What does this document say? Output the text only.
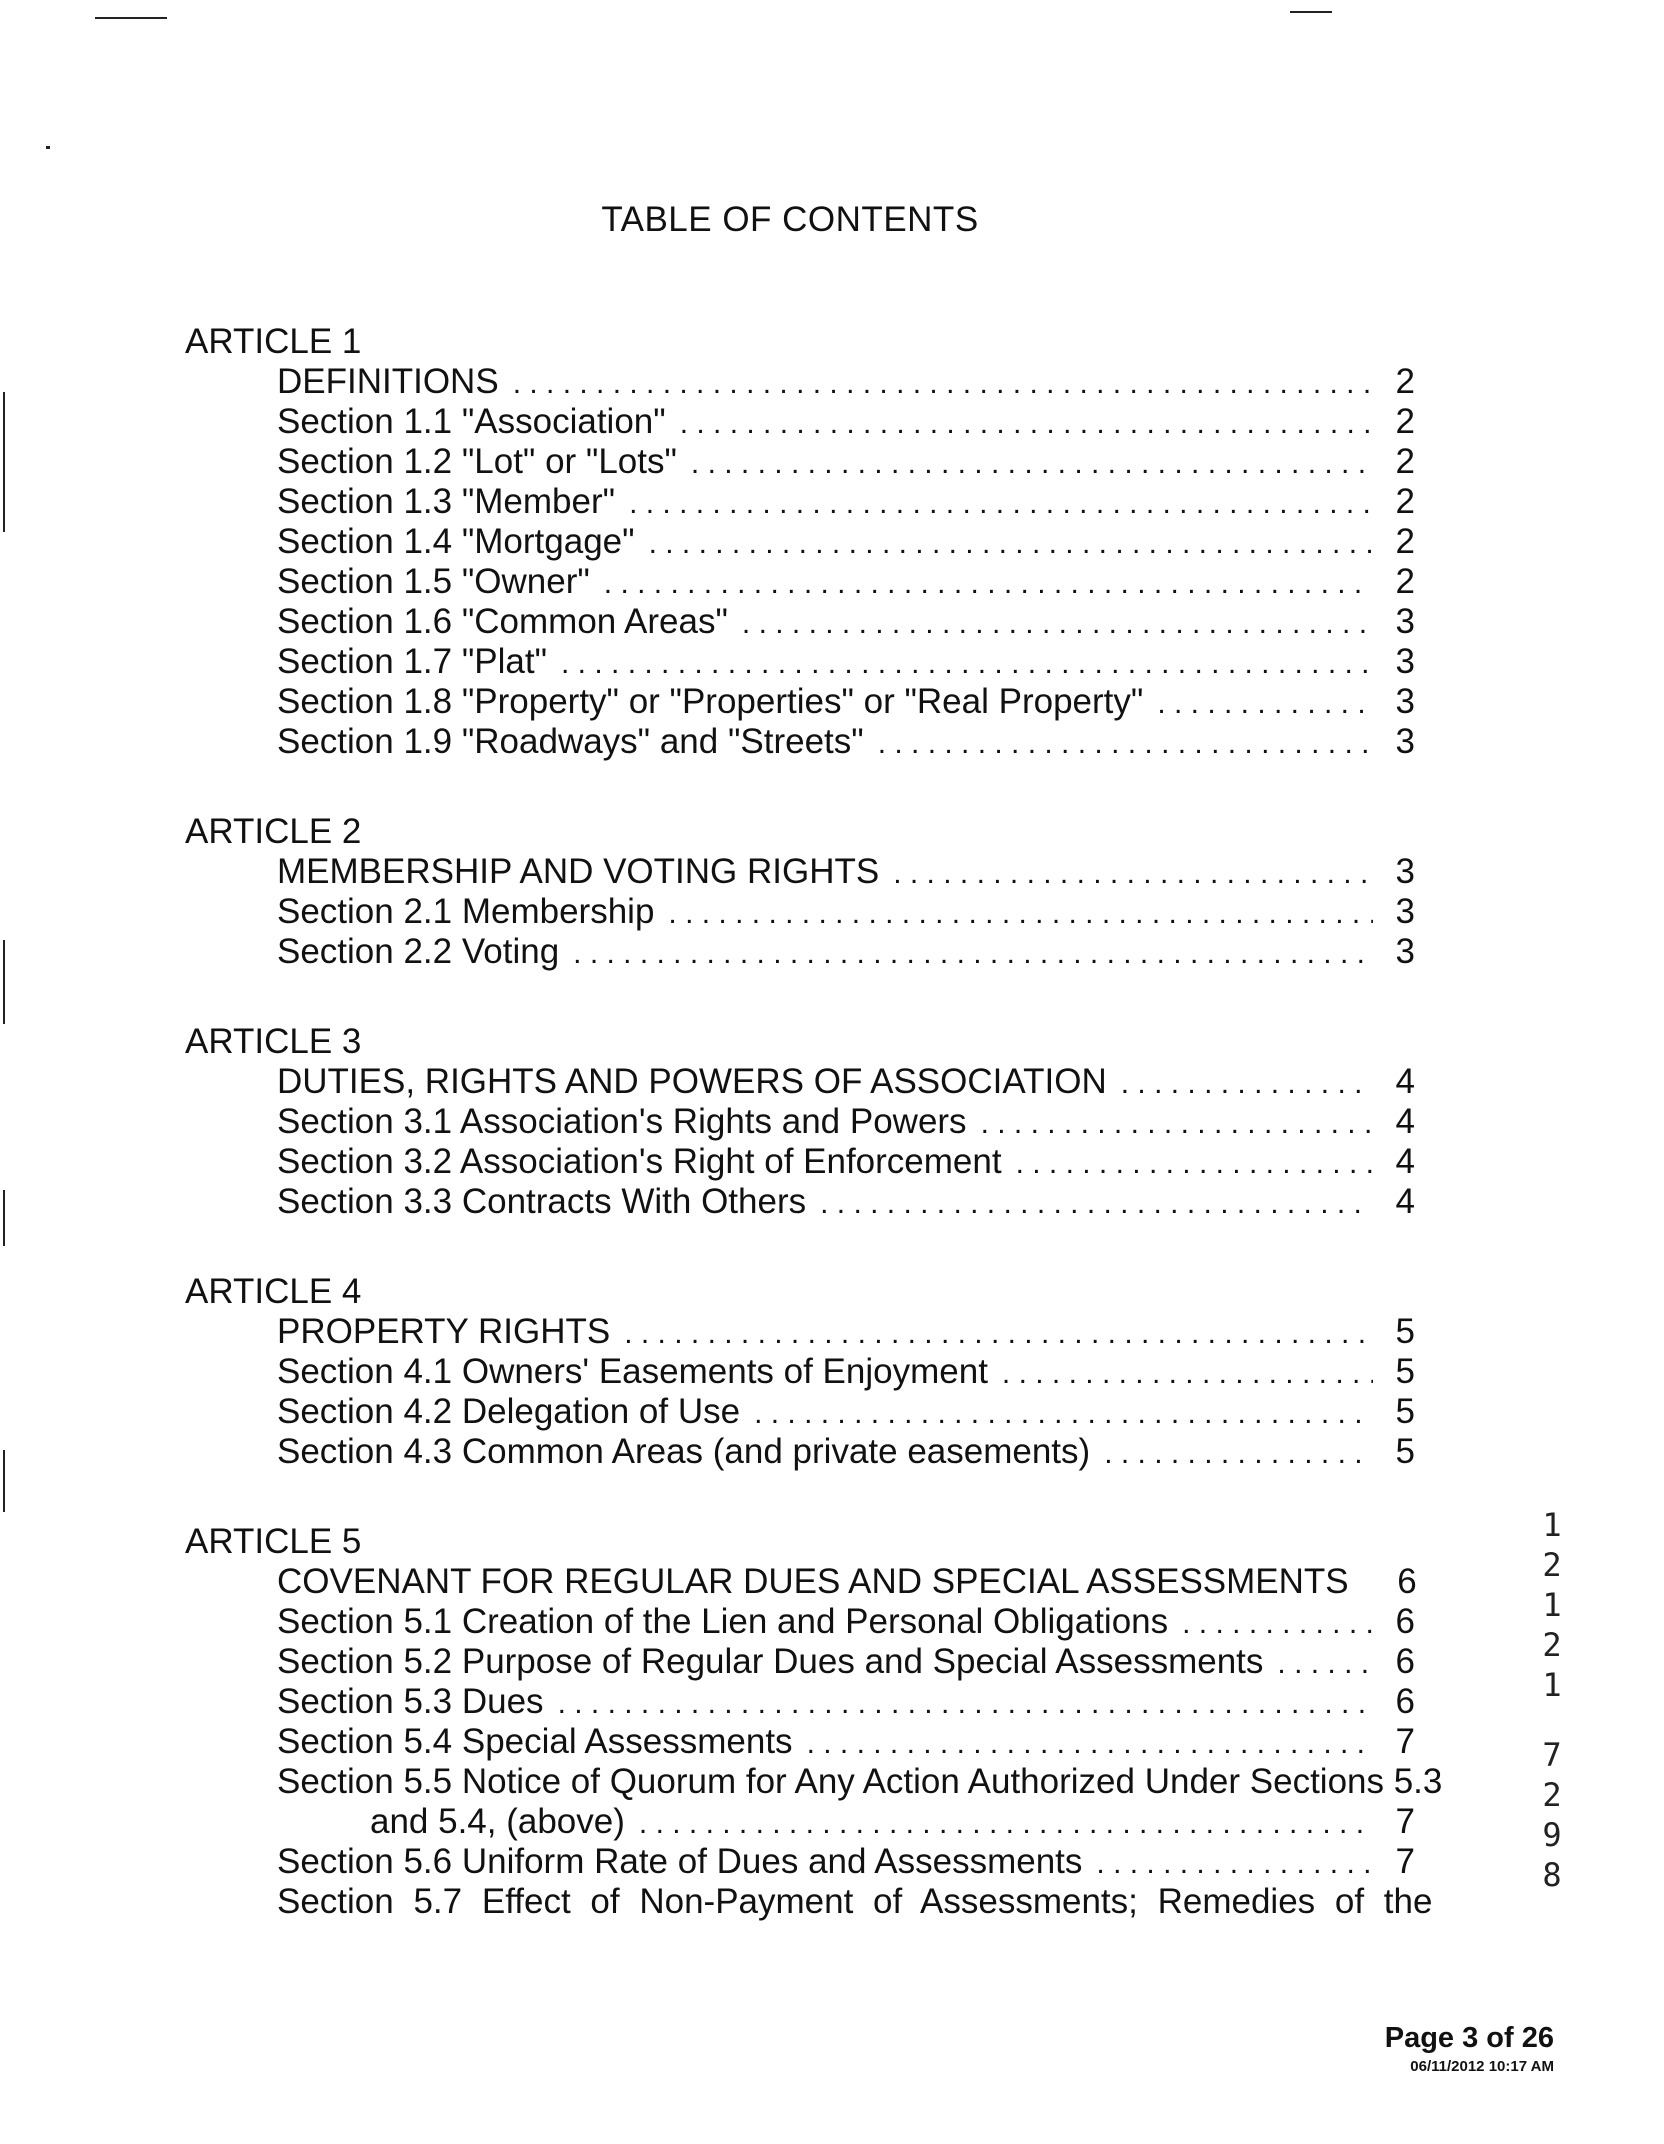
TABLE OF CONTENTS
ARTICLE 1
DEFINITIONS . . .	2
Section 1.1 "Association" . . .	2
Section 1.2 "Lot" or "Lots" . . .	2
Section 1.3 "Member" . . .	2
Section 1.4 "Mortgage" . . .	2
Section 1.5 "Owner" . . .	2
Section 1.6 "Common Areas" . . .	3
Section 1.7 "Plat" . . .	3
Section 1.8 "Property" or "Properties" or "Real Property" . . .	3
Section 1.9 "Roadways" and "Streets" . . .	3
ARTICLE 2
MEMBERSHIP AND VOTING RIGHTS . . .	3
Section 2.1 Membership . . .	3
Section 2.2 Voting . . .	3
ARTICLE 3
DUTIES, RIGHTS AND POWERS OF ASSOCIATION . . .	4
Section 3.1 Association's Rights and Powers . . .	4
Section 3.2 Association's Right of Enforcement . . .	4
Section 3.3 Contracts With Others . . .	4
ARTICLE 4
PROPERTY RIGHTS . . .	5
Section 4.1 Owners' Easements of Enjoyment . . .	5
Section 4.2 Delegation of Use . . .	5
Section 4.3 Common Areas (and private easements) . . .	5
ARTICLE 5
COVENANT FOR REGULAR DUES AND SPECIAL ASSESSMENTS	6
Section 5.1 Creation of the Lien and Personal Obligations . . .	6
Section 5.2 Purpose of Regular Dues and Special Assessments . . .	6
Section 5.3 Dues . . .	6
Section 5.4 Special Assessments . . .	7
Section 5.5 Notice of Quorum for Any Action Authorized Under Sections 5.3
and 5.4, (above) . . .	7
Section 5.6 Uniform Rate of Dues and Assessments . . .	7
Section 5.7 Effect of Non-Payment of Assessments; Remedies of the
1
2
1
2
1
7
2
9
8
Page 3 of 26
06/11/2012 10:17 AM
